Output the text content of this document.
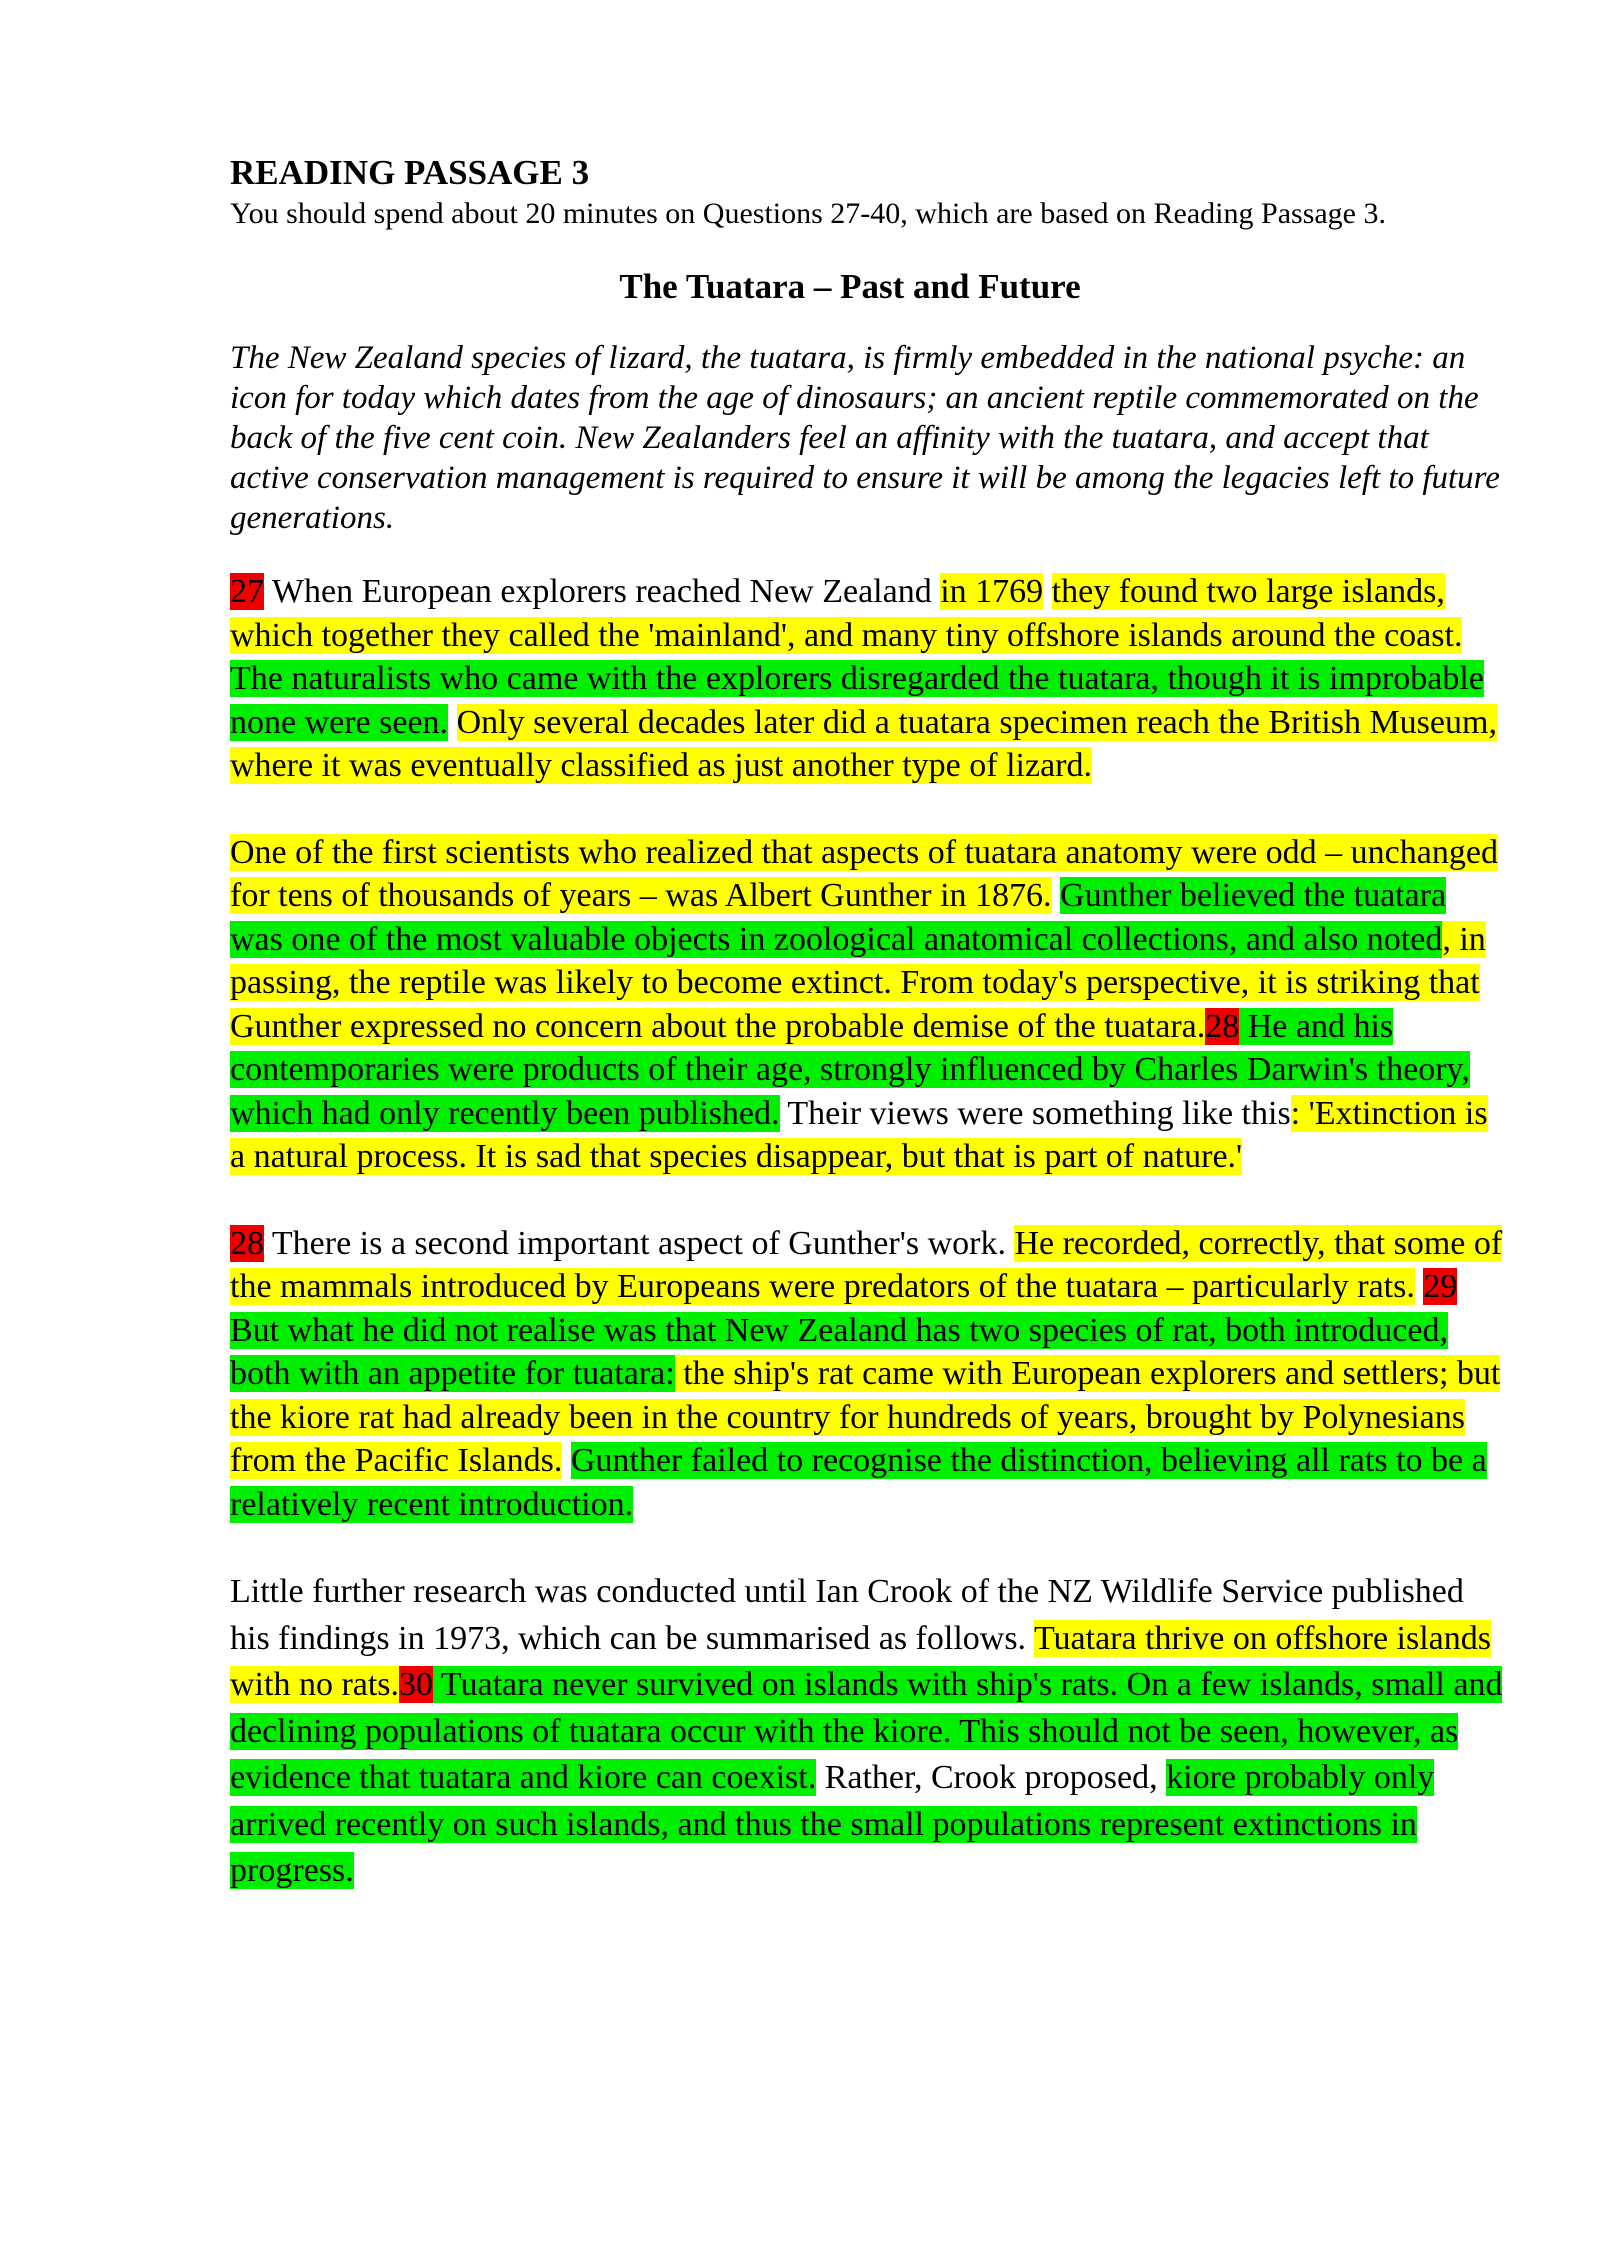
READING PASSAGE 3

You should spend about 20 minutes on Questions 27-40, which are based on Reading Passage 3.

The Tuatara – Past and Future

The New Zealand species of lizard, the tuatara, is firmly embedded in the national psyche: an icon for today which dates from the age of dinosaurs; an ancient reptile commemorated on the back of the five cent coin. New Zealanders feel an affinity with the tuatara, and accept that active conservation management is required to ensure it will be among the legacies left to future generations.

27 When European explorers reached New Zealand in 1769 they found two large islands, which together they called the 'mainland', and many tiny offshore islands around the coast. The naturalists who came with the explorers disregarded the tuatara, though it is improbable none were seen. Only several decades later did a tuatara specimen reach the British Museum, where it was eventually classified as just another type of lizard.

One of the first scientists who realized that aspects of tuatara anatomy were odd – unchanged for tens of thousands of years – was Albert Gunther in 1876. Gunther believed the tuatara was one of the most valuable objects in zoological anatomical collections, and also noted, in passing, the reptile was likely to become extinct. From today's perspective, it is striking that Gunther expressed no concern about the probable demise of the tuatara.28 He and his contemporaries were products of their age, strongly influenced by Charles Darwin's theory, which had only recently been published. Their views were something like this: 'Extinction is a natural process. It is sad that species disappear, but that is part of nature.'

28 There is a second important aspect of Gunther's work. He recorded, correctly, that some of the mammals introduced by Europeans were predators of the tuatara – particularly rats. 29 But what he did not realise was that New Zealand has two species of rat, both introduced, both with an appetite for tuatara: the ship's rat came with European explorers and settlers; but the kiore rat had already been in the country for hundreds of years, brought by Polynesians from the Pacific Islands. Gunther failed to recognise the distinction, believing all rats to be a relatively recent introduction.

Little further research was conducted until Ian Crook of the NZ Wildlife Service published his findings in 1973, which can be summarised as follows. Tuatara thrive on offshore islands with no rats.30 Tuatara never survived on islands with ship's rats. On a few islands, small and declining populations of tuatara occur with the kiore. This should not be seen, however, as evidence that tuatara and kiore can coexist. Rather, Crook proposed, kiore probably only arrived recently on such islands, and thus the small populations represent extinctions in progress.
